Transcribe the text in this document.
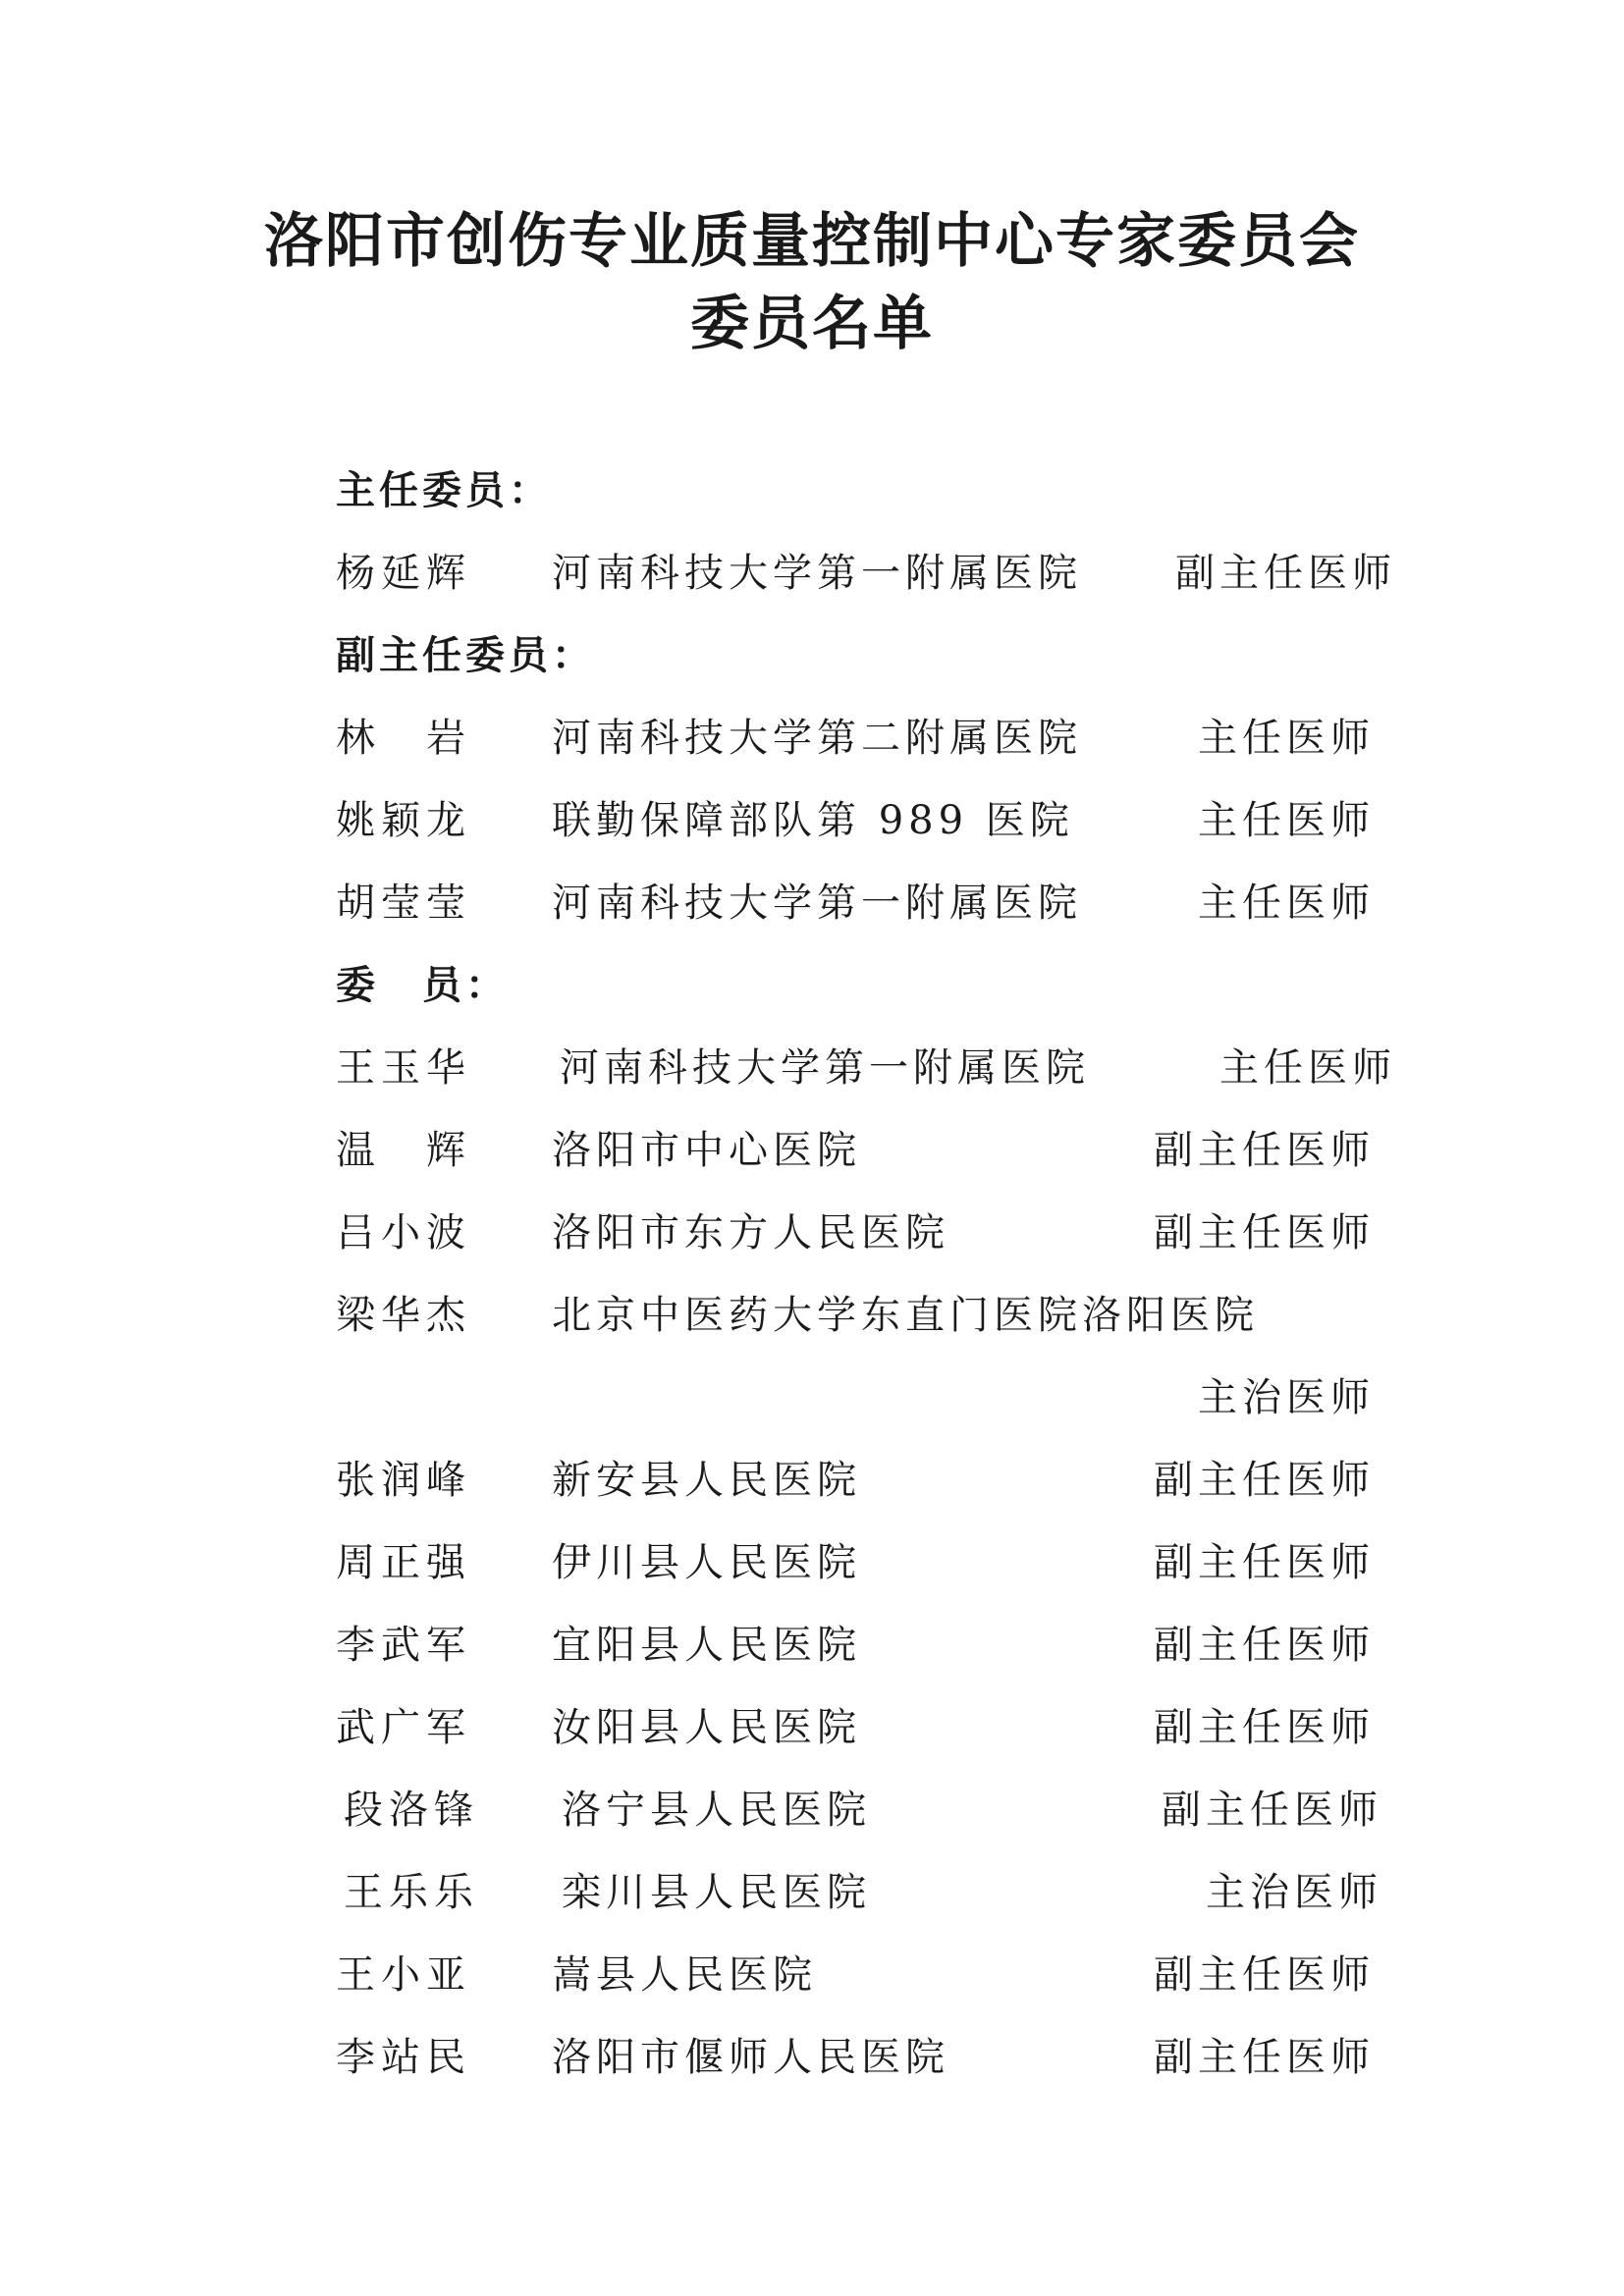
洛阳市创伤专业质量控制中心专家委员会
委员名单
主任委员：
杨延辉 河南科技大学第一附属医院 副主任医师
副主任委员：
林　岩 河南科技大学第二附属医院	主任医师
姚颖龙 联勤保障部队第 989 医院	主任医师
胡莹莹 河南科技大学第一附属医院	主任医师
委　员：
王玉华 河南科技大学第一附属医院	主任医师
温　辉 洛阳市中心医院	副主任医师
吕小波 洛阳市东方人民医院	副主任医师
梁华杰 北京中医药大学东直门医院洛阳医院
主治医师
张润峰 新安县人民医院	副主任医师
周正强 伊川县人民医院	副主任医师
李武军 宜阳县人民医院	副主任医师
武广军 汝阳县人民医院	副主任医师
段洛锋 洛宁县人民医院	副主任医师
王乐乐 栾川县人民医院	主治医师
王小亚 嵩县人民医院	副主任医师
李站民 洛阳市偃师人民医院	副主任医师
